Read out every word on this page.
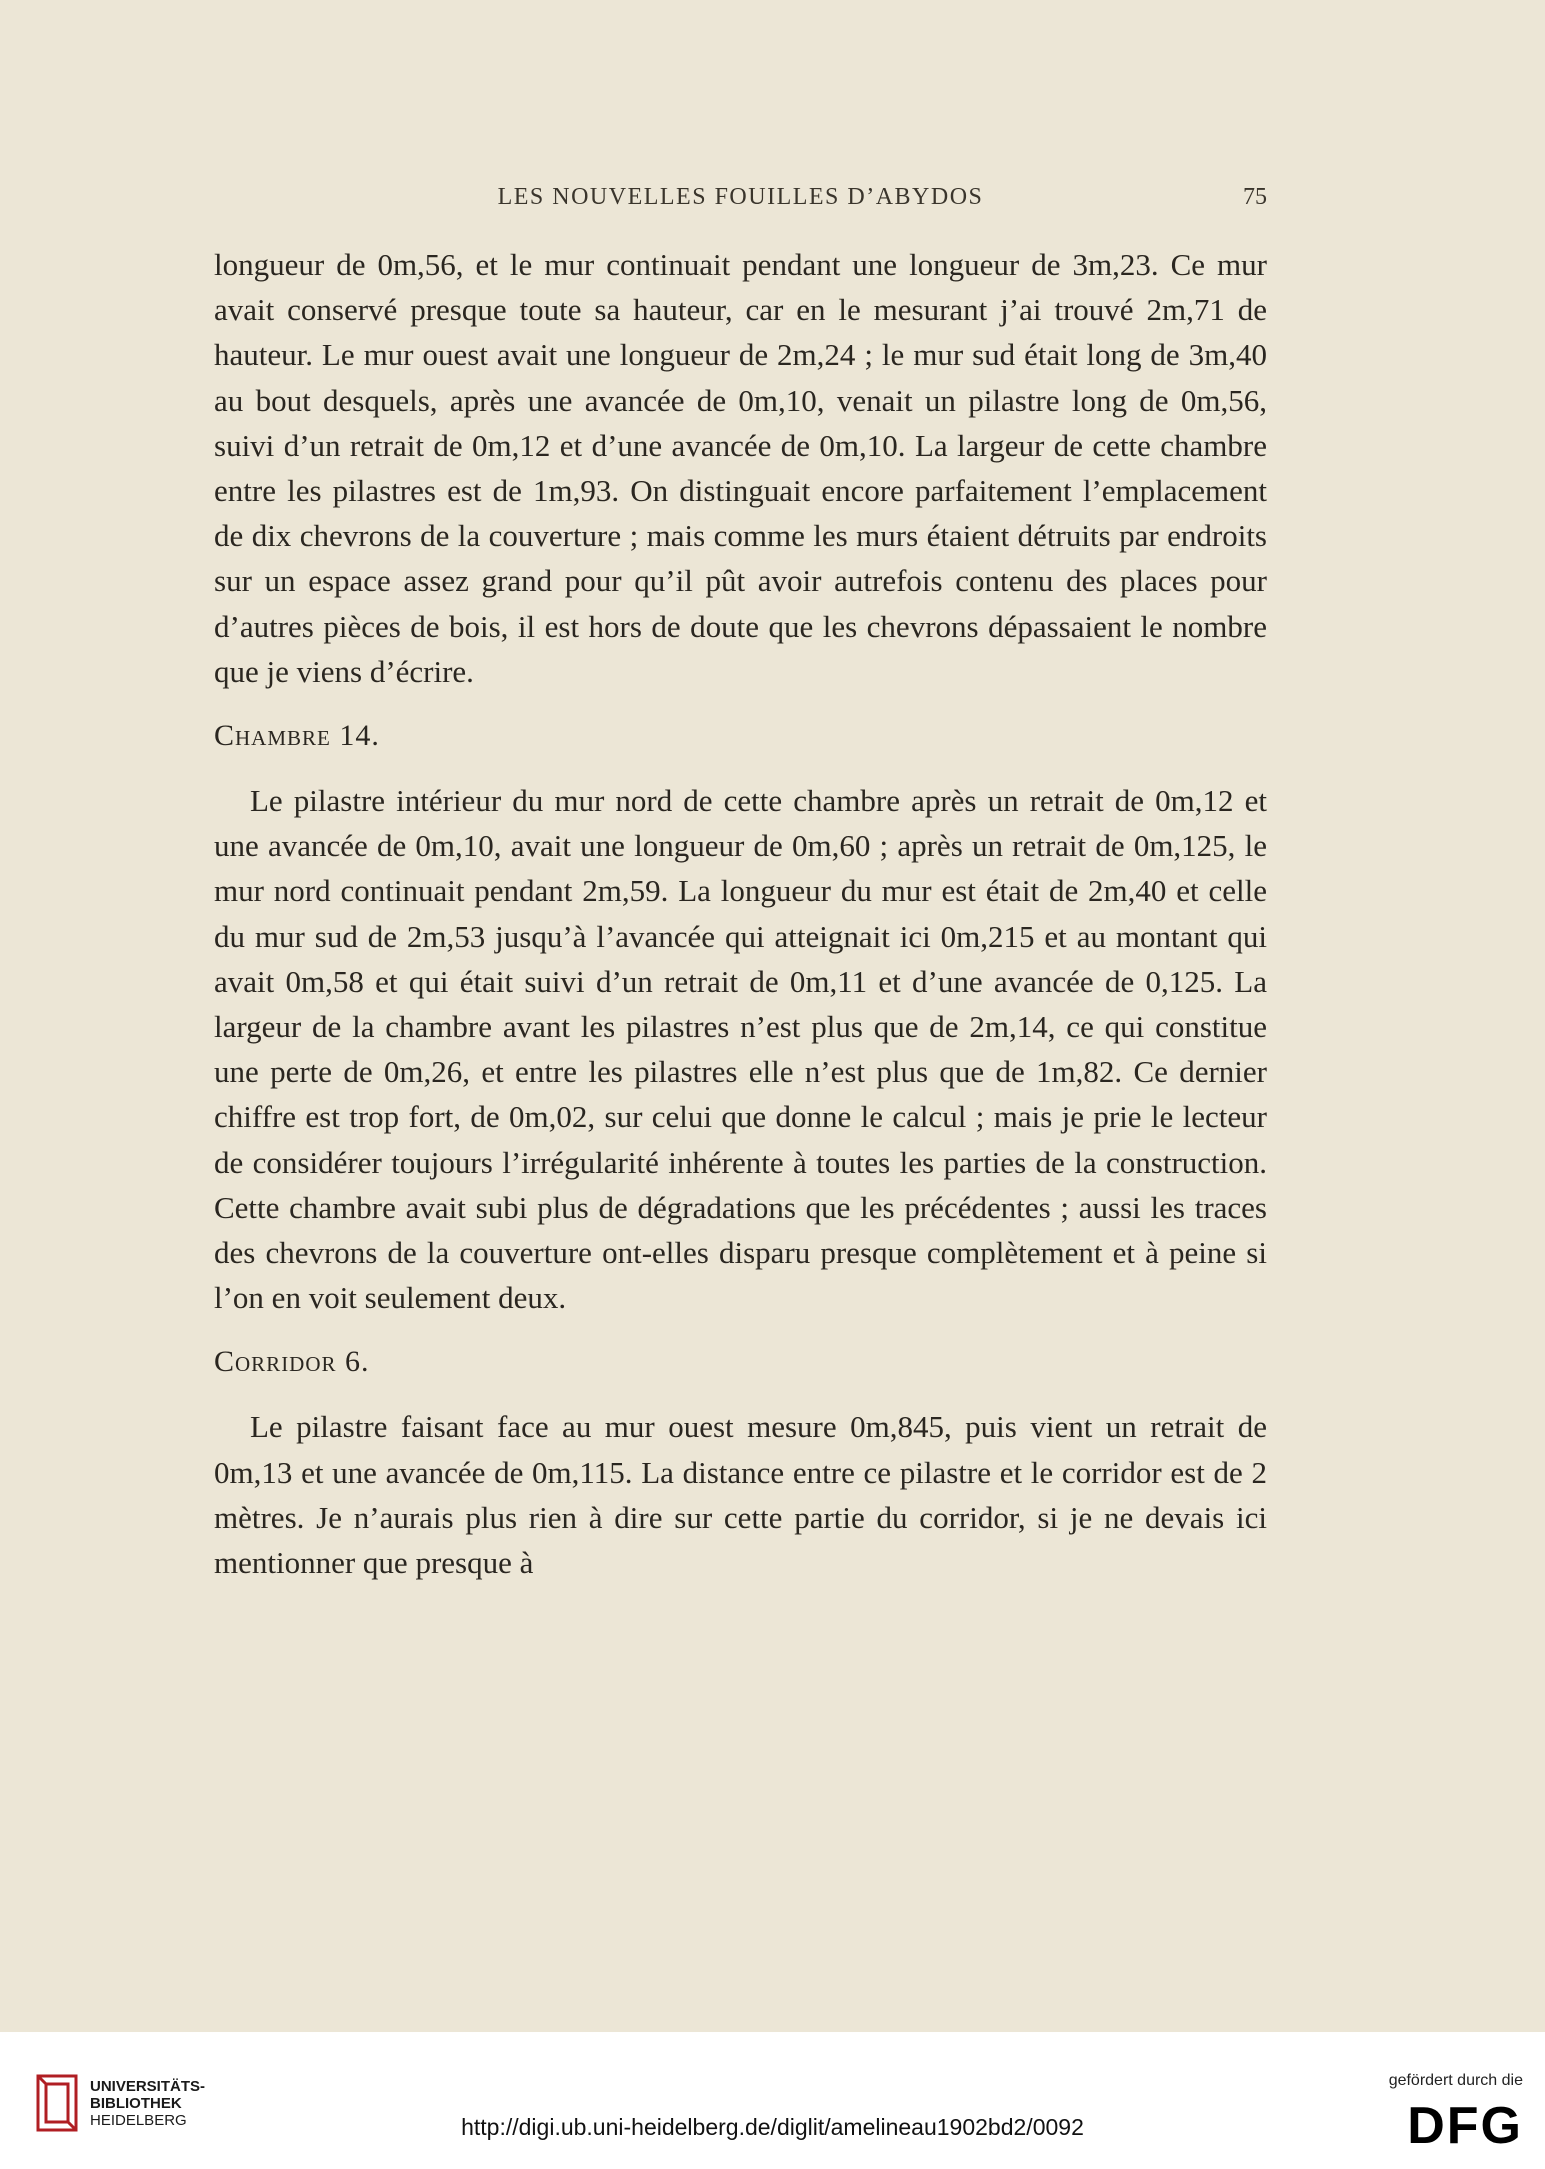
LES NOUVELLES FOUILLES D’ABYDOS	75

longueur de 0m,56, et le mur continuait pendant une longueur de 3m,23. Ce mur avait conservé presque toute sa hauteur, car en le mesurant j’ai trouvé 2m,71 de hauteur. Le mur ouest avait une longueur de 2m,24 ; le mur sud était long de 3m,40 au bout desquels, après une avancée de 0m,10, venait un pilastre long de 0m,56, suivi d’un retrait de 0m,12 et d’une avancée de 0m,10. La largeur de cette chambre entre les pilastres est de 1m,93. On distinguait encore parfaitement l’emplacement de dix chevrons de la couverture ; mais comme les murs étaient détruits par endroits sur un espace assez grand pour qu’il pût avoir autrefois contenu des places pour d’autres pièces de bois, il est hors de doute que les chevrons dépassaient le nombre que je viens d’écrire.

Chambre 14.

Le pilastre intérieur du mur nord de cette chambre après un retrait de 0m,12 et une avancée de 0m,10, avait une longueur de 0m,60 ; après un retrait de 0m,125, le mur nord continuait pendant 2m,59. La longueur du mur est était de 2m,40 et celle du mur sud de 2m,53 jusqu’à l’avancée qui atteignait ici 0m,215 et au montant qui avait 0m,58 et qui était suivi d’un retrait de 0m,11 et d’une avancée de 0,125. La largeur de la chambre avant les pilastres n’est plus que de 2m,14, ce qui constitue une perte de 0m,26, et entre les pilastres elle n’est plus que de 1m,82. Ce dernier chiffre est trop fort, de 0m,02, sur celui que donne le calcul ; mais je prie le lecteur de considérer toujours l’irrégularité inhérente à toutes les parties de la construction. Cette chambre avait subi plus de dégradations que les précédentes ; aussi les traces des chevrons de la couverture ont-elles disparu presque complètement et à peine si l’on en voit seulement deux.

Corridor 6.

Le pilastre faisant face au mur ouest mesure 0m,845, puis vient un retrait de 0m,13 et une avancée de 0m,115. La distance entre ce pilastre et le corridor est de 2 mètres. Je n’aurais plus rien à dire sur cette partie du corridor, si je ne devais ici mentionner que presque à

UNIVERSITÄTS-
BIBLIOTHEK
HEIDELBERG	http://digi.ub.uni-heidelberg.de/diglit/amelineau1902bd2/0092
gefördert durch die
DFG
